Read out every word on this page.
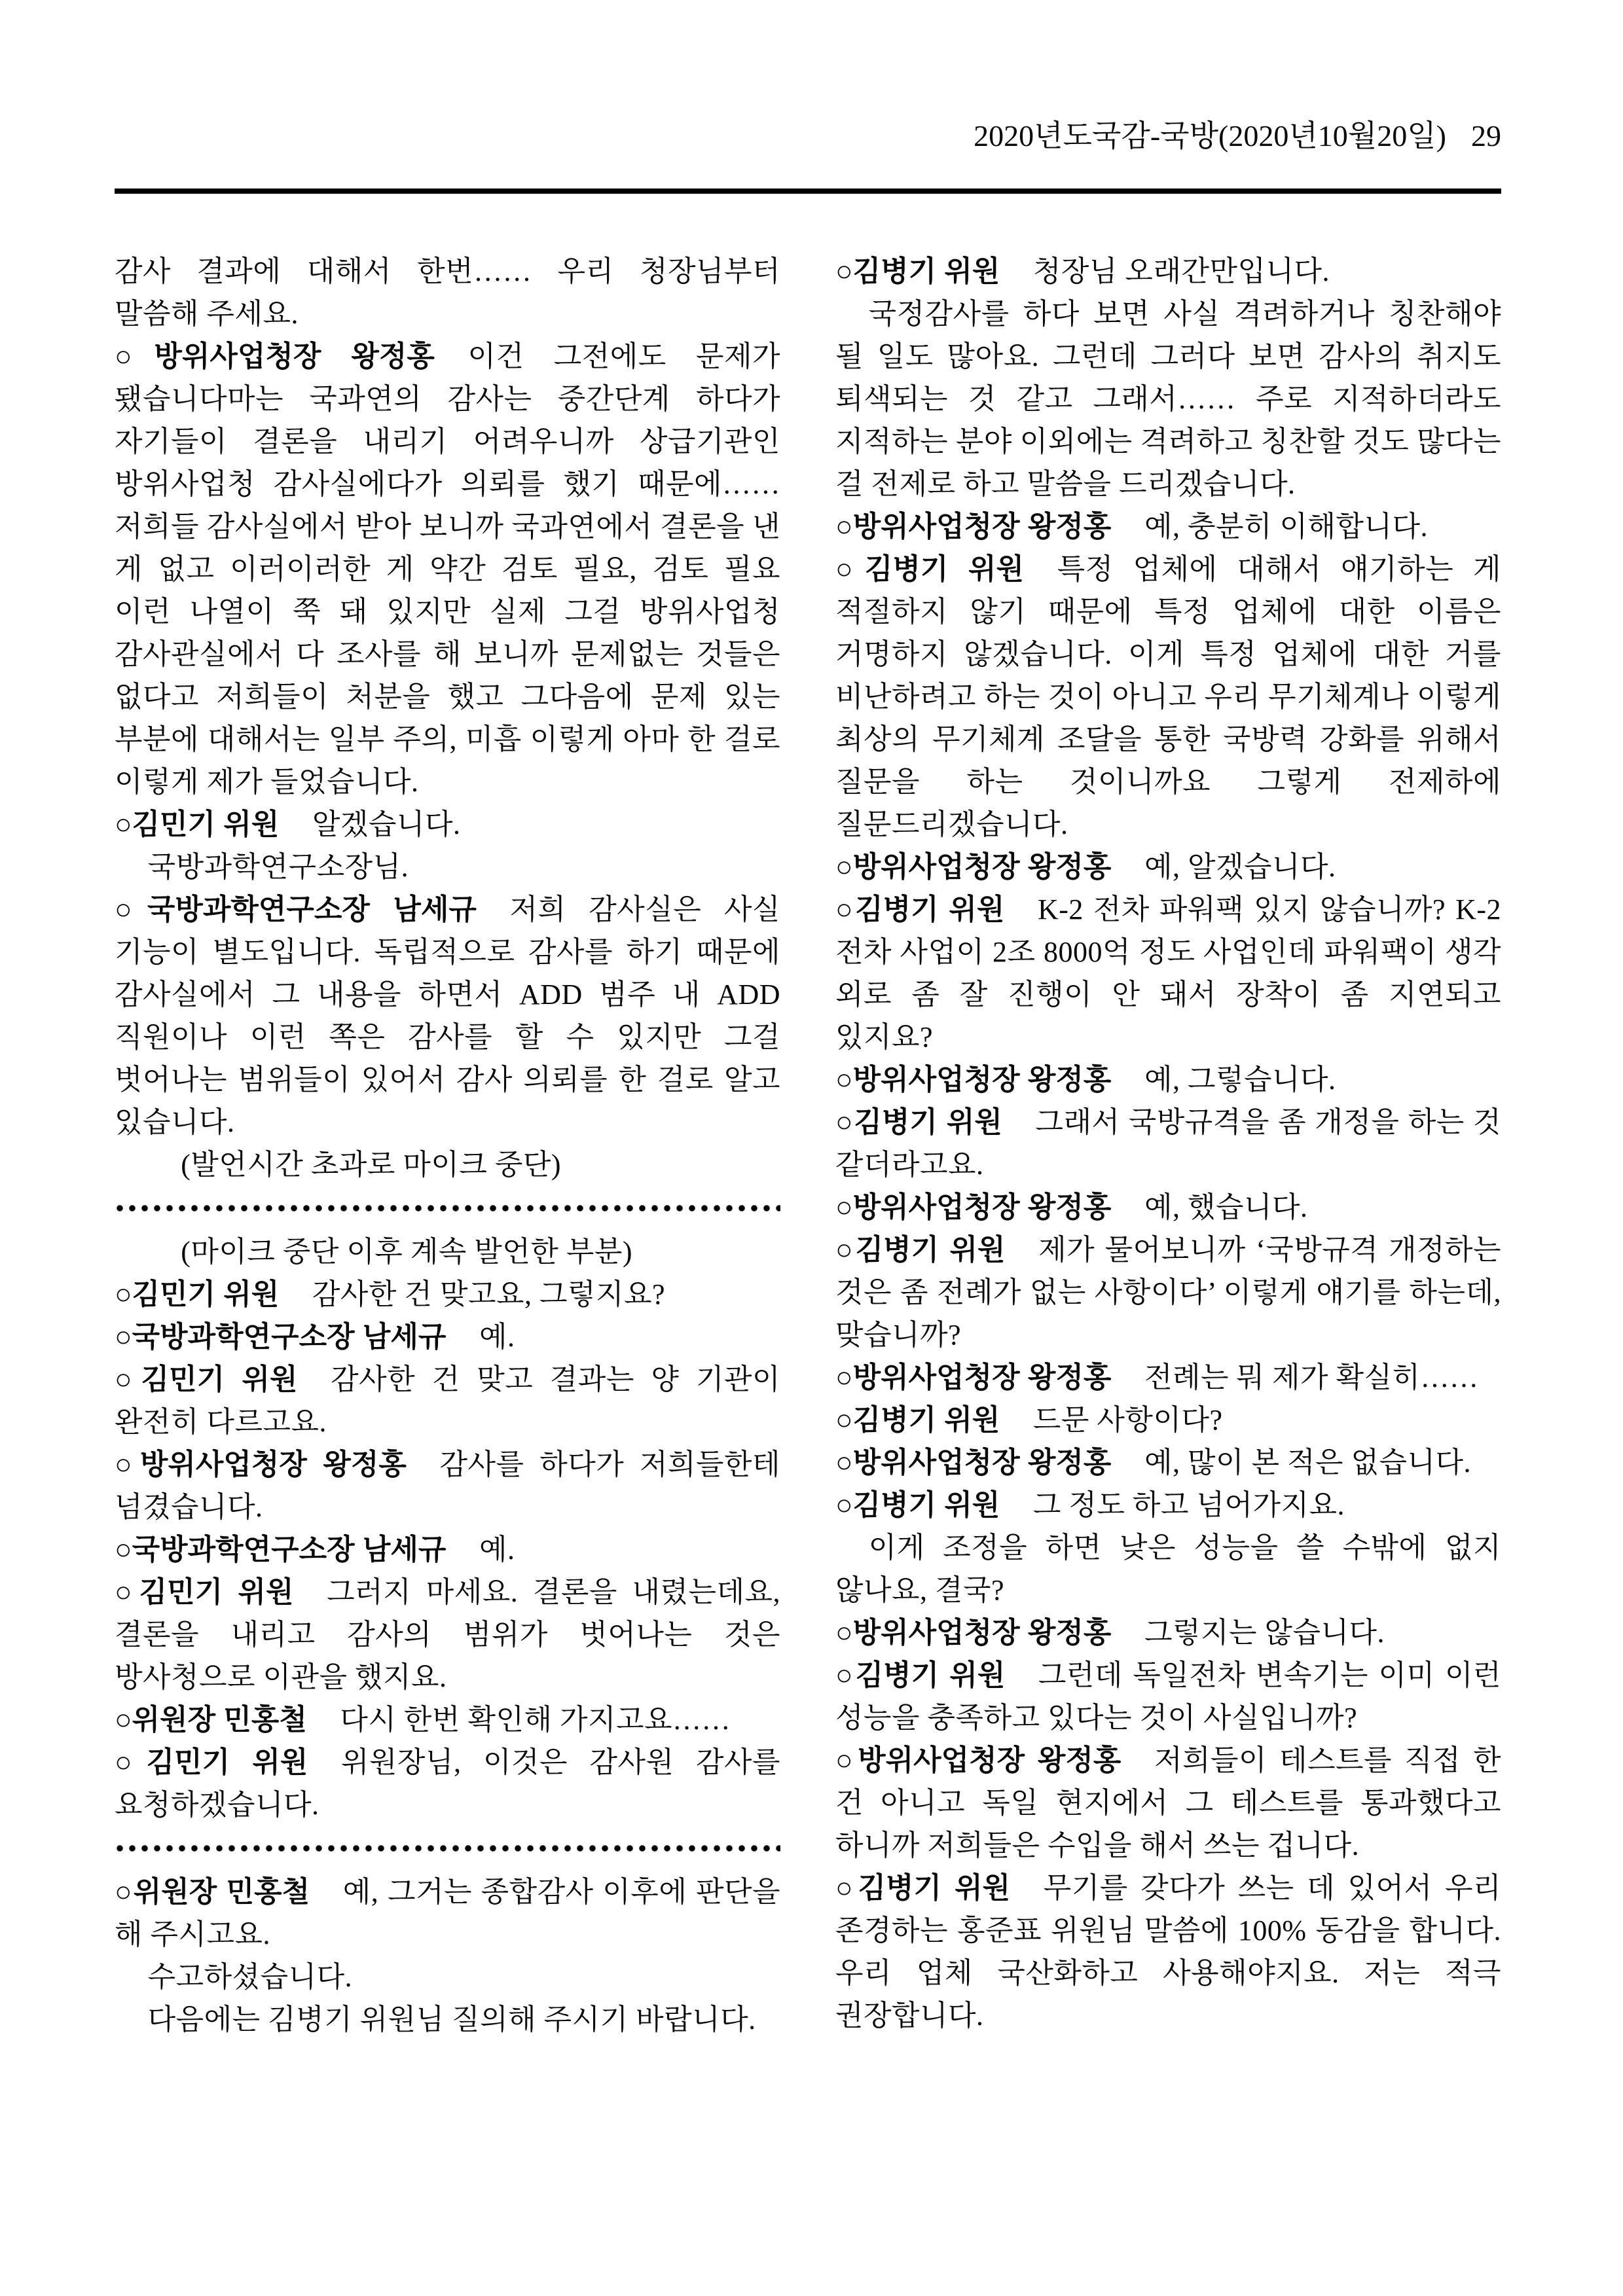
2020년도국감-국방(2020년10월20일) 29

감사 결과에 대해서 한번…… 우리 청장님부터 말씀해 주세요.

○방위사업청장 왕정홍 이건 그전에도 문제가 됐습니다마는 국과연의 감사는 중간단계 하다가 자기들이 결론을 내리기 어려우니까 상급기관인 방위사업청 감사실에다가 의뢰를 했기 때문에…… 저희들 감사실에서 받아 보니까 국과연에서 결론을 낸 게 없고 이러이러한 게 약간 검토 필요, 검토 필요 이런 나열이 쭉 돼 있지만 실제 그걸 방위사업청 감사관실에서 다 조사를 해 보니까 문제없는 것들은 없다고 저희들이 처분을 했고 그다음에 문제 있는 부분에 대해서는 일부 주의, 미흡 이렇게 아마 한 걸로 이렇게 제가 들었습니다.

○김민기 위원 알겠습니다.

국방과학연구소장님.

○국방과학연구소장 남세규 저희 감사실은 사실 기능이 별도입니다. 독립적으로 감사를 하기 때문에 감사실에서 그 내용을 하면서 ADD 범주 내 ADD 직원이나 이런 쪽은 감사를 할 수 있지만 그걸 벗어나는 범위들이 있어서 감사 의뢰를 한 걸로 알고 있습니다.

(발언시간 초과로 마이크 중단)

(마이크 중단 이후 계속 발언한 부분)

○김민기 위원 감사한 건 맞고요, 그렇지요?

○국방과학연구소장 남세규 예.

○김민기 위원 감사한 건 맞고 결과는 양 기관이 완전히 다르고요.

○방위사업청장 왕정홍 감사를 하다가 저희들한테 넘겼습니다.

○국방과학연구소장 남세규 예.

○김민기 위원 그러지 마세요. 결론을 내렸는데요, 결론을 내리고 감사의 범위가 벗어나는 것은 방사청으로 이관을 했지요.

○위원장 민홍철 다시 한번 확인해 가지고요……

○김민기 위원 위원장님, 이것은 감사원 감사를 요청하겠습니다.

○위원장 민홍철 예, 그거는 종합감사 이후에 판단을 해 주시고요.

수고하셨습니다.

다음에는 김병기 위원님 질의해 주시기 바랍니다.

○김병기 위원 청장님 오래간만입니다.

국정감사를 하다 보면 사실 격려하거나 칭찬해야 될 일도 많아요. 그런데 그러다 보면 감사의 취지도 퇴색되는 것 같고 그래서…… 주로 지적하더라도 지적하는 분야 이외에는 격려하고 칭찬할 것도 많다는 걸 전제로 하고 말씀을 드리겠습니다.

○방위사업청장 왕정홍 예, 충분히 이해합니다.

○김병기 위원 특정 업체에 대해서 얘기하는 게 적절하지 않기 때문에 특정 업체에 대한 이름은 거명하지 않겠습니다. 이게 특정 업체에 대한 거를 비난하려고 하는 것이 아니고 우리 무기체계나 이렇게 최상의 무기체계 조달을 통한 국방력 강화를 위해서 질문을 하는 것이니까요 그렇게 전제하에 질문드리겠습니다.

○방위사업청장 왕정홍 예, 알겠습니다.

○김병기 위원 K-2 전차 파워팩 있지 않습니까? K-2 전차 사업이 2조 8000억 정도 사업인데 파워팩이 생각 외로 좀 잘 진행이 안 돼서 장착이 좀 지연되고 있지요?

○방위사업청장 왕정홍 예, 그렇습니다.

○김병기 위원 그래서 국방규격을 좀 개정을 하는 것 같더라고요.

○방위사업청장 왕정홍 예, 했습니다.

○김병기 위원 제가 물어보니까 ‘국방규격 개정하는 것은 좀 전례가 없는 사항이다’ 이렇게 얘기를 하는데, 맞습니까?

○방위사업청장 왕정홍 전례는 뭐 제가 확실히……

○김병기 위원 드문 사항이다?

○방위사업청장 왕정홍 예, 많이 본 적은 없습니다.

○김병기 위원 그 정도 하고 넘어가지요.

이게 조정을 하면 낮은 성능을 쓸 수밖에 없지 않나요, 결국?

○방위사업청장 왕정홍 그렇지는 않습니다.

○김병기 위원 그런데 독일전차 변속기는 이미 이런 성능을 충족하고 있다는 것이 사실입니까?

○방위사업청장 왕정홍 저희들이 테스트를 직접 한 건 아니고 독일 현지에서 그 테스트를 통과했다고 하니까 저희들은 수입을 해서 쓰는 겁니다.

○김병기 위원 무기를 갖다가 쓰는 데 있어서 우리 존경하는 홍준표 위원님 말씀에 100% 동감을 합니다. 우리 업체 국산화하고 사용해야지요. 저는 적극 권장합니다.
